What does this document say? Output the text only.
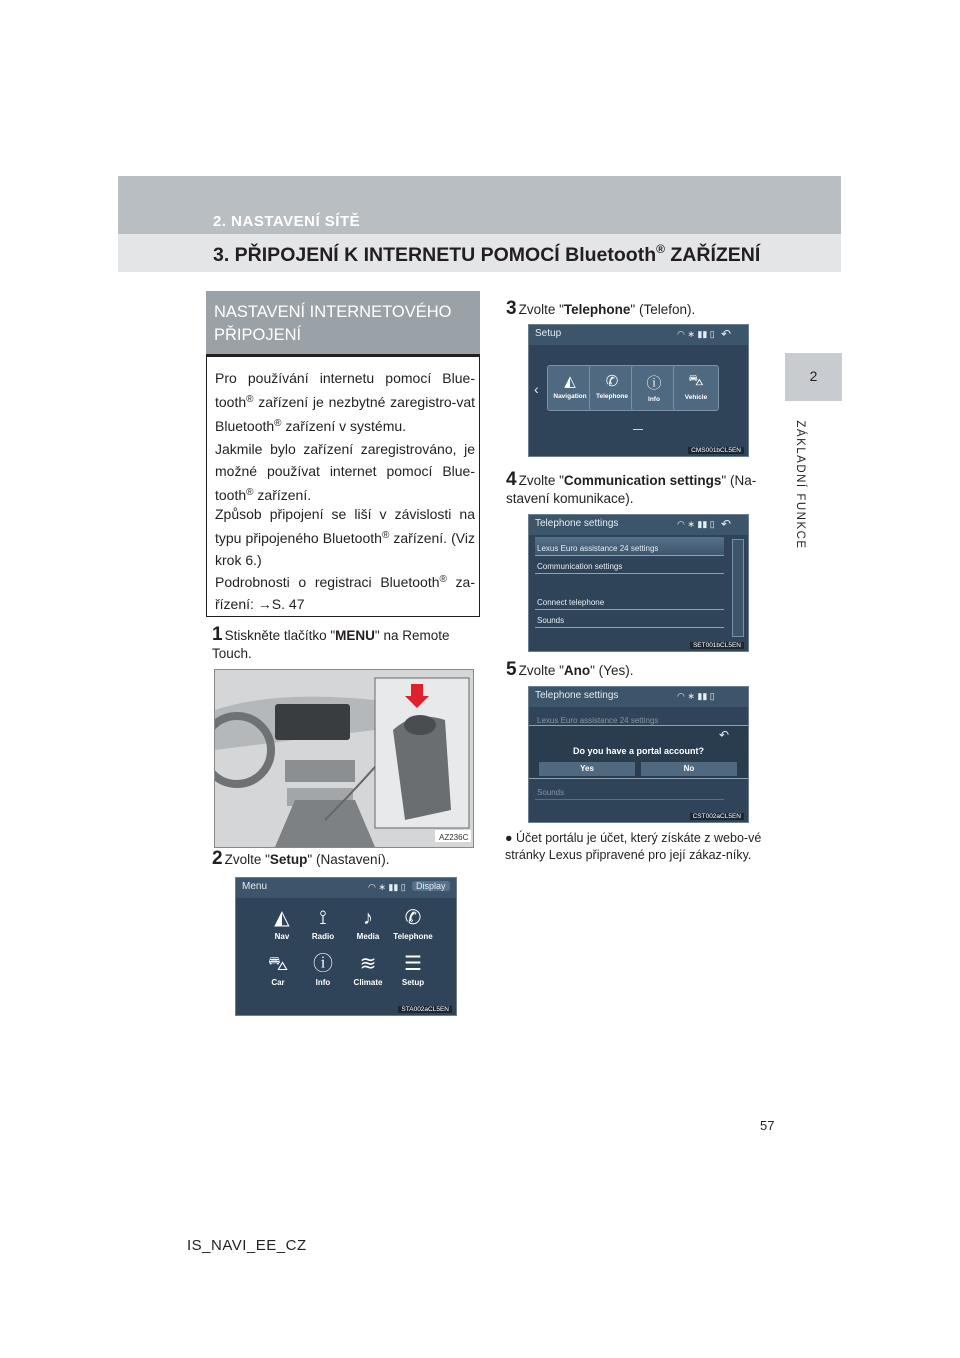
2. NASTAVENÍ SÍTĚ
3. PŘIPOJENÍ K INTERNETU POMOCÍ Bluetooth® ZAŘÍZENÍ
2
ZÁKLADNÍ FUNKCE
NASTAVENÍ INTERNETOVÉHO PŘIPOJENÍ
Pro používání internetu pomocí Blue-tooth® zařízení je nezbytné zaregistro-vat Bluetooth® zařízení v systému.
Jakmile bylo zařízení zaregistrováno, je možné používat internet pomocí Blue-tooth® zařízení.
Způsob připojení se liší v závislosti na typu připojeného Bluetooth® zařízení. (Viz krok 6.)
Podrobnosti o registraci Bluetooth® za-řízení: →S. 47
1 Stiskněte tlačítko "MENU" na Remote Touch.
AZ236C
2 Zvolte "Setup" (Nastavení).
Menu	◠ ∗ ▮▮ ▯	Display
◭
Nav
⟟
Radio
♪
Media
✆
Telephone
⛍
Car
ⓘ
Info
≋
Climate
☰
Setup
STA002aCL5EN
3 Zvolte "Telephone" (Telefon).
Setup	◠ ∗ ▮▮ ▯ ↶
‹	◭
Navigation
✆
Telephone
ⓘ
Info
⛍
Vehicle
CMS001bCL5EN
4 Zvolte "Communication settings" (Na-stavení komunikace).
Telephone settings	◠ ∗ ▮▮ ▯ ↶
Lexus Euro assistance 24 settings
Communication settings
Connect telephone
Sounds
SET001bCL5EN
5 Zvolte "Ano" (Yes).
Telephone settings	◠ ∗ ▮▮ ▯
Lexus Euro assistance 24 settings
Sounds
↶
Do you have a portal account?
Yes	No
CST002aCL5EN
● Účet portálu je účet, který získáte z webo-vé stránky Lexus připravené pro její zákaz-níky.
57
IS_NAVI_EE_CZ
